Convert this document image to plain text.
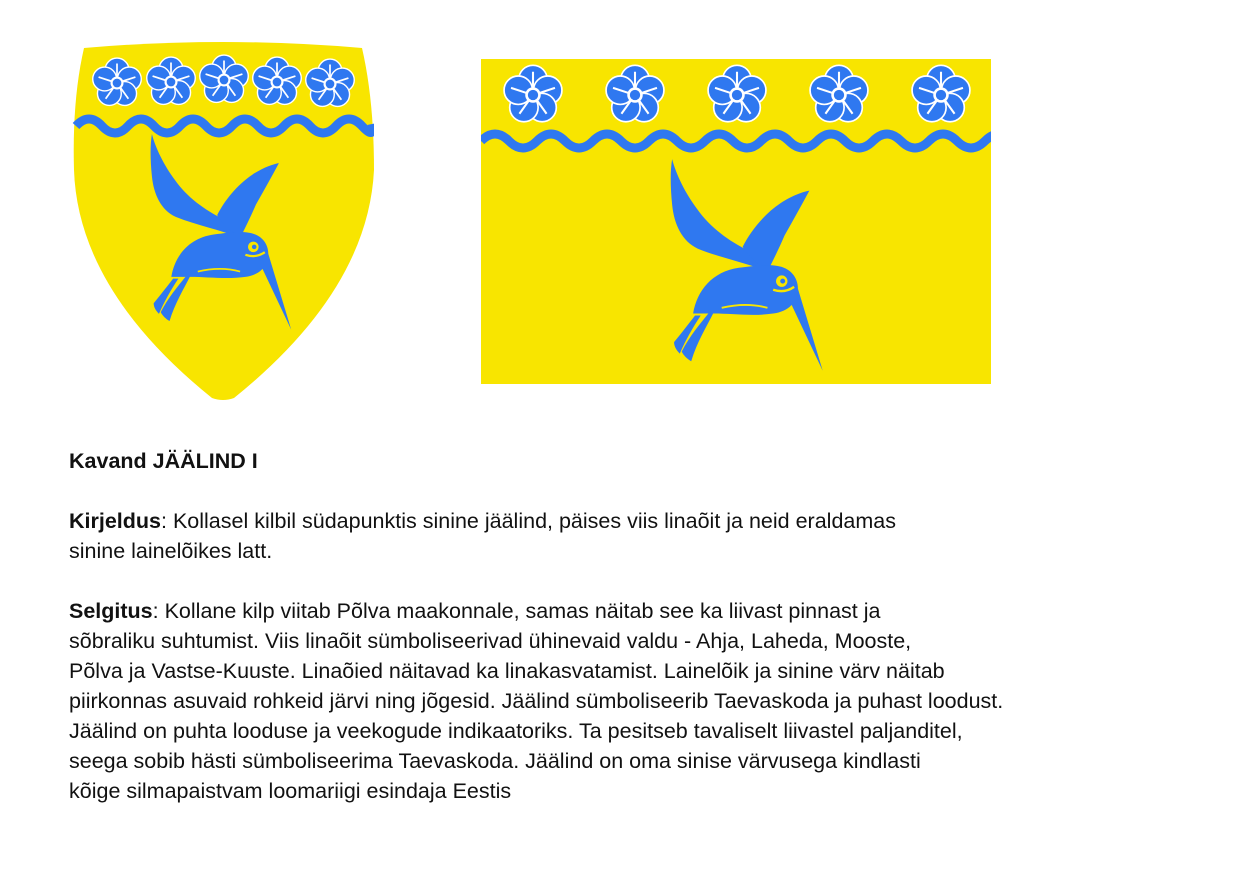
Kavand JÄÄLIND I
Kirjeldus: Kollasel kilbil südapunktis sinine jäälind, päises viis linaõit ja neid eraldamas
sinine lainelõikes latt.
Selgitus: Kollane kilp viitab Põlva maakonnale, samas näitab see ka liivast pinnast ja
sõbraliku suhtumist. Viis linaõit sümboliseerivad ühinevaid valdu - Ahja, Laheda, Mooste,
Põlva ja Vastse-Kuuste. Linaõied näitavad ka linakasvatamist. Lainelõik ja sinine värv näitab
piirkonnas asuvaid rohkeid järvi ning jõgesid. Jäälind sümboliseerib Taevaskoda ja puhast loodust.
Jäälind on puhta looduse ja veekogude indikaatoriks. Ta pesitseb tavaliselt liivastel paljanditel,
seega sobib hästi sümboliseerima Taevaskoda. Jäälind on oma sinise värvusega kindlasti
kõige silmapaistvam loomariigi esindaja Eestis
